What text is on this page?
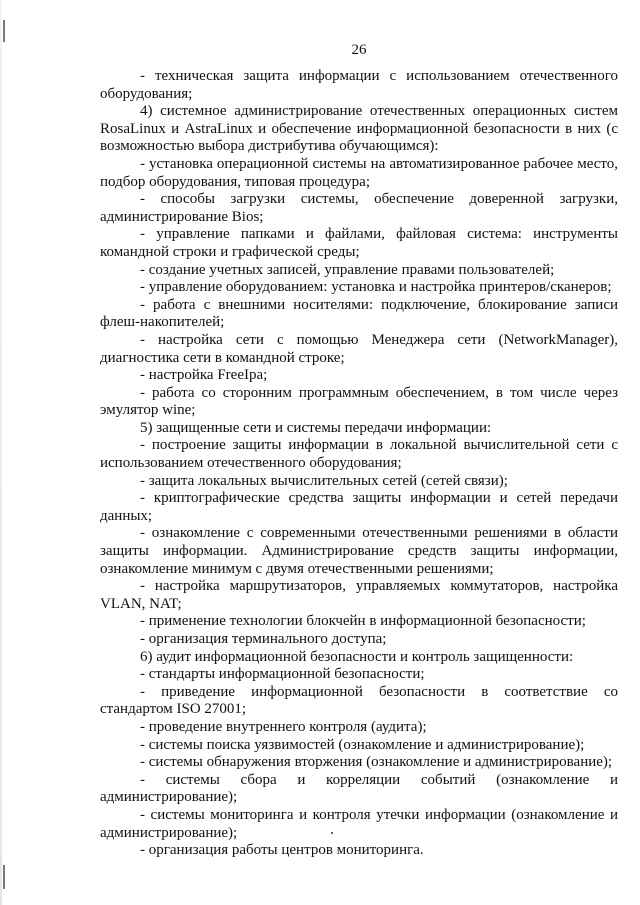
26

- техническая защита информации с использованием отечественного оборудования;

4) системное администрирование отечественных операционных систем RosaLinux и AstraLinux и обеспечение информационной безопасности в них (с возможностью выбора дистрибутива обучающимся):

- установка операционной системы на автоматизированное рабочее место, подбор оборудования, типовая процедура;

- способы загрузки системы, обеспечение доверенной загрузки, администрирование Bios;

- управление папками и файлами, файловая система: инструменты командной строки и графической среды;

- создание учетных записей, управление правами пользователей;

- управление оборудованием: установка и настройка принтеров/сканеров;

- работа с внешними носителями: подключение, блокирование записи флеш-накопителей;

- настройка сети с помощью Менеджера сети (NetworkManager), диагностика сети в командной строке;

- настройка FreeIpa;

- работа со сторонним программным обеспечением, в том числе через эмулятор wine;

5) защищенные сети и системы передачи информации:

- построение защиты информации в локальной вычислительной сети с использованием отечественного оборудования;

- защита локальных вычислительных сетей (сетей связи);

- криптографические средства защиты информации и сетей передачи данных;

- ознакомление с современными отечественными решениями в области защиты информации. Администрирование средств защиты информации, ознакомление минимум с двумя отечественными решениями;

- настройка маршрутизаторов, управляемых коммутаторов, настройка VLAN, NAT;

- применение технологии блокчейн в информационной безопасности;

- организация терминального доступа;

6) аудит информационной безопасности и контроль защищенности:

- стандарты информационной безопасности;

- приведение информационной безопасности в соответствие со стандартом ISO 27001;

- проведение внутреннего контроля (аудита);

- системы поиска уязвимостей (ознакомление и администрирование);

- системы обнаружения вторжения (ознакомление и администрирование);

- системы сбора и корреляции событий (ознакомление и администрирование);

- системы мониторинга и контроля утечки информации (ознакомление и администрирование);

- организация работы центров мониторинга.
